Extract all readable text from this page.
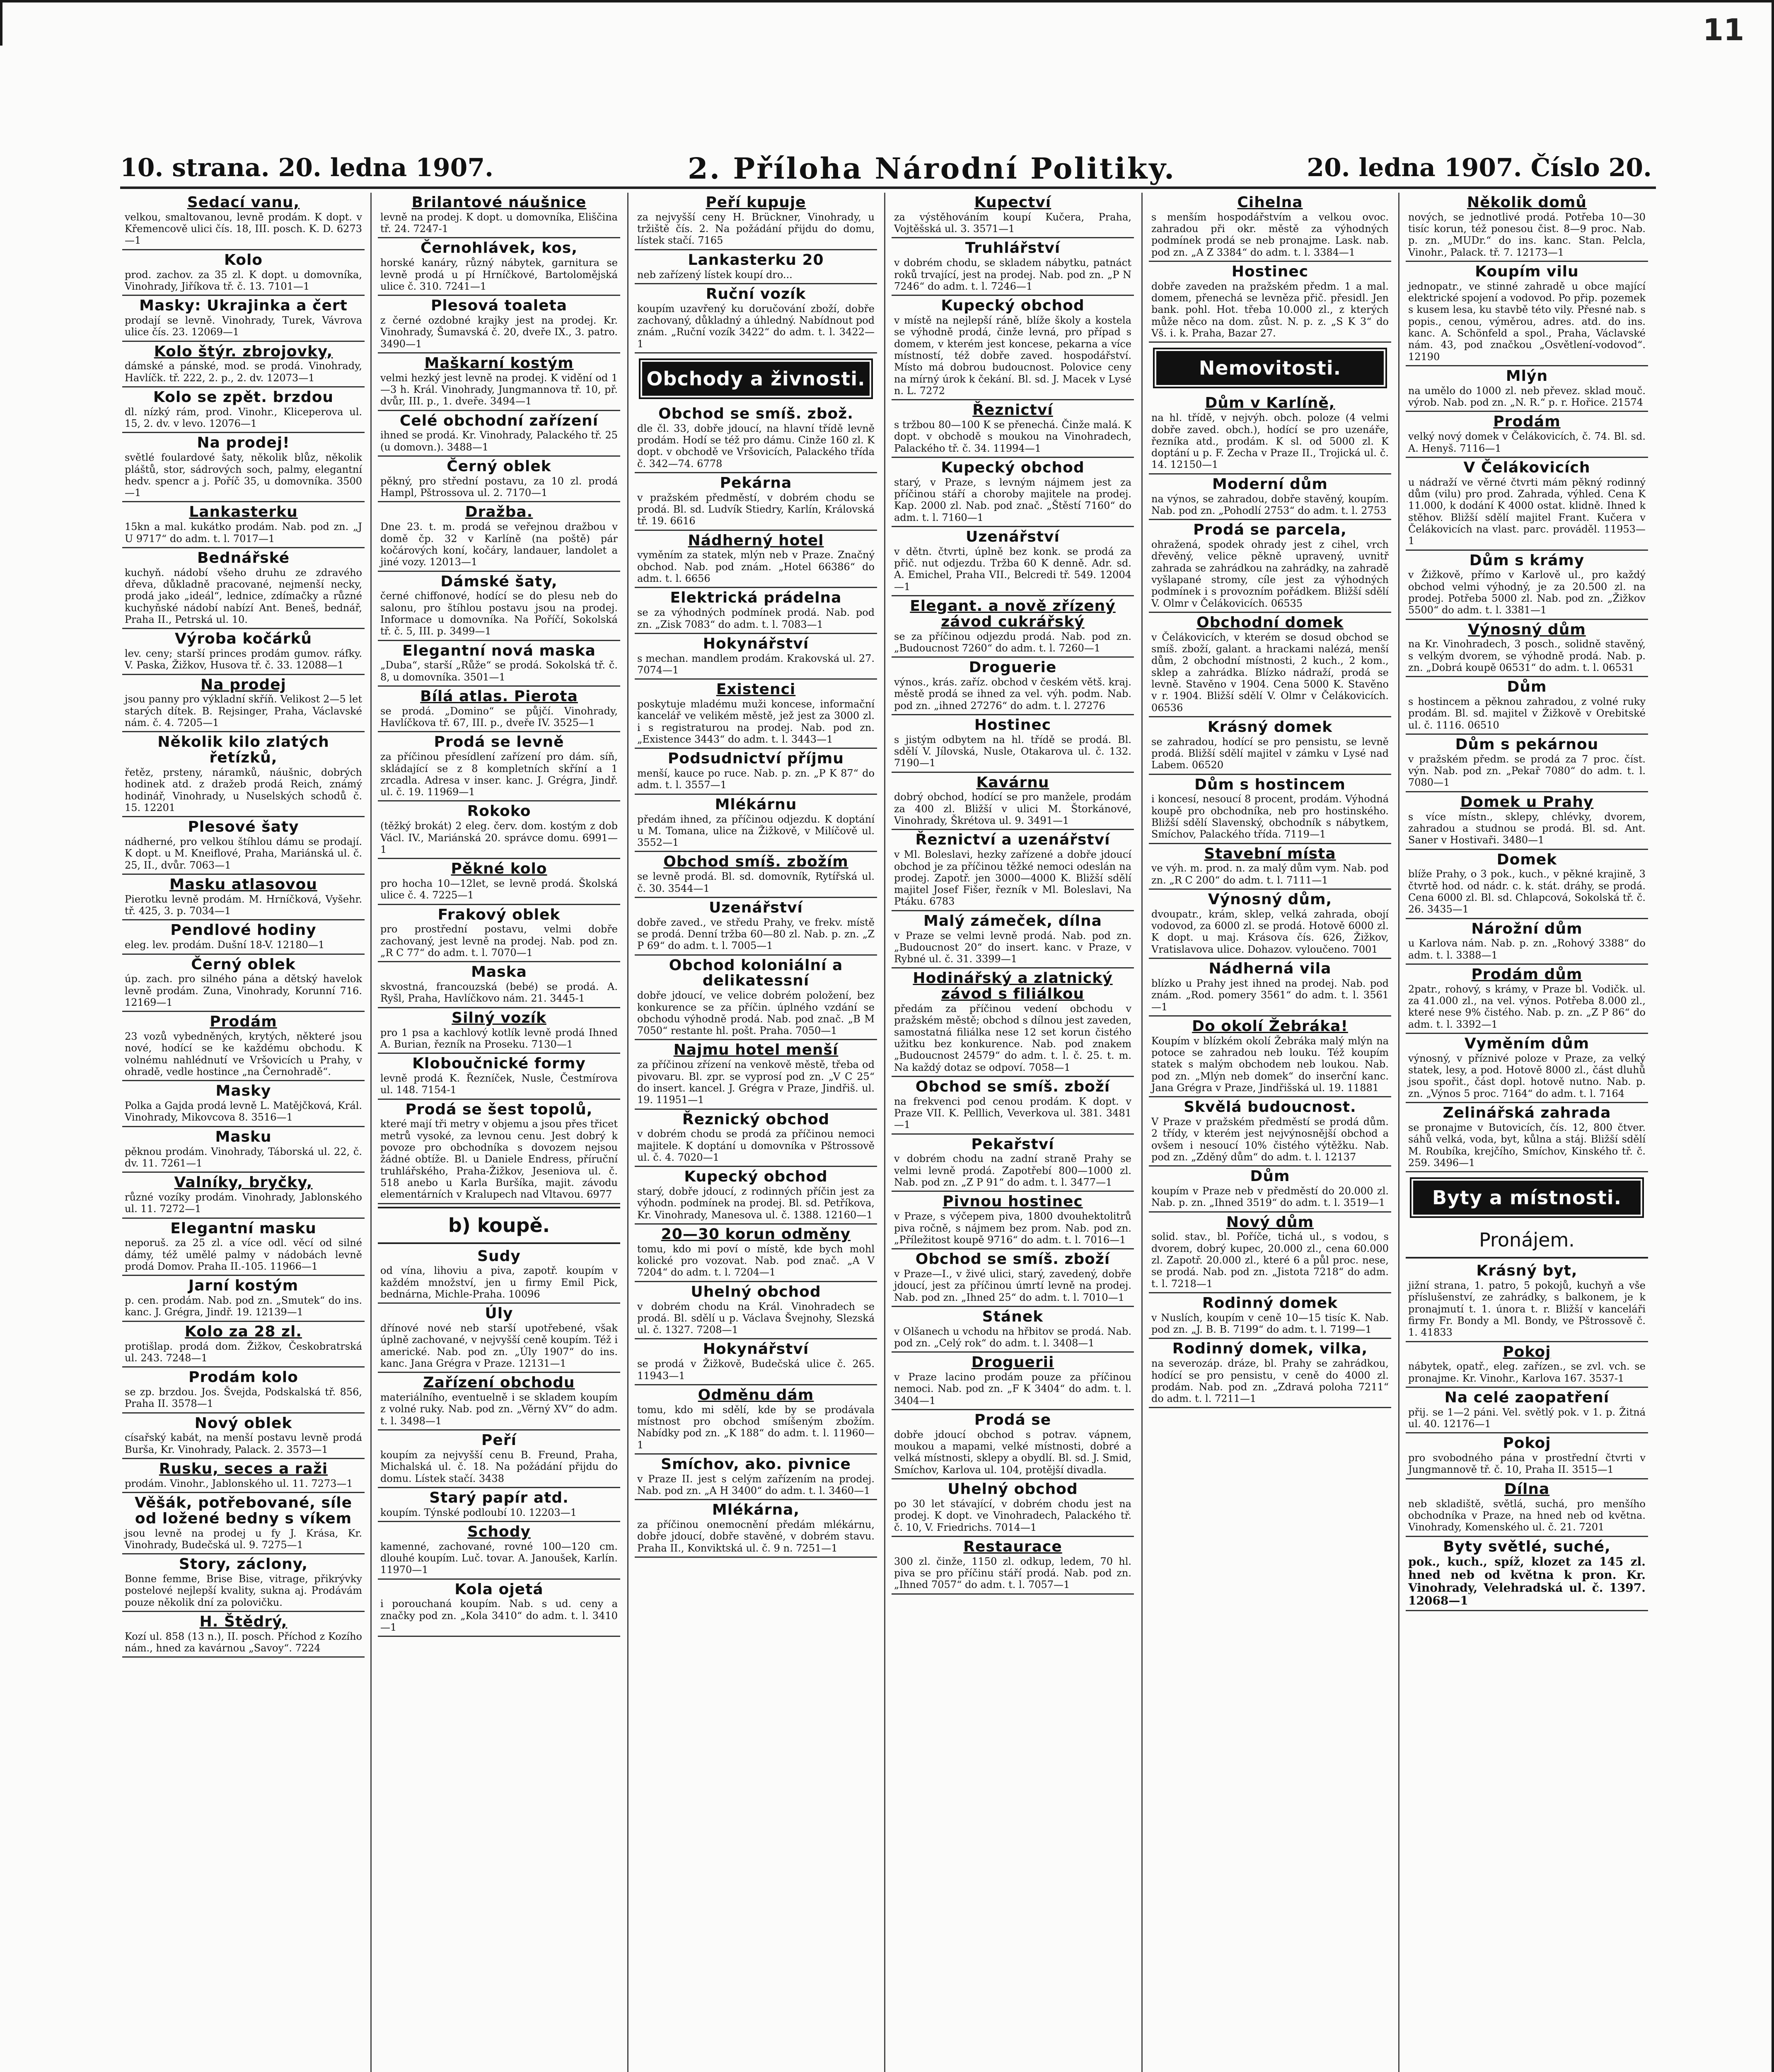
11
10. strana. 20. ledna 1907.	2. Příloha Národní Politiky.	20. ledna 1907. Číslo 20.
Sedací vanu,
velkou, smaltovanou, levně prodám. K dopt. v Křemencově ulici čís. 18, III. posch. K. D. 6273—1
Kolo
prod. zachov. za 35 zl. K dopt. u domovníka, Vinohrady, Jiříkova tř. č. 13. 7101—1
Masky: Ukrajinka a čert
prodají se levně. Vinohrady, Turek, Vávrova ulice čís. 23. 12069—1
Kolo štýr. zbrojovky,
dámské a pánské, mod. se prodá. Vinohrady, Havlíčk. tř. 222, 2. p., 2. dv. 12073—1
Kolo se zpět. brzdou
dl. nízký rám, prod. Vinohr., Kliceperova ul. 15, 2. dv. v levo. 12076—1
Na prodej!
světlé foulardové šaty, několik blůz, několik pláštů, stor, sádrových soch, palmy, elegantní hedv. spencr a j. Poříč 35, u domovníka. 3500—1
Lankasterku
15kn a mal. kukátko prodám. Nab. pod zn. „J U 9717“ do adm. t. l. 7017—1
Bednářské
kuchyň. nádobí všeho druhu ze zdravého dřeva, důkladně pracované, nejmenší necky, prodá jako „ideál“, lednice, zdímačky a různé kuchyňské nádobí nabízí Ant. Beneš, bednář, Praha II., Petrská ul. 10.
Výroba kočárků
lev. ceny; starší princes prodám gumov. ráfky. V. Paska, Žižkov, Husova tř. č. 33. 12088—1
Na prodej
jsou panny pro výkladní skříň. Velikost 2—5 let starých dítek. B. Rejsinger, Praha, Václavské nám. č. 4. 7205—1
Několik kilo zlatých řetízků,
řetěz, prsteny, náramků, náušnic, dobrých hodinek atd. z dražeb prodá Reich, známý hodinář, Vinohrady, u Nuselských schodů č. 15. 12201
Plesové šaty
nádherné, pro velkou štíhlou dámu se prodají. K dopt. u M. Kneiflové, Praha, Mariánská ul. č. 25, II., dvůr. 7063—1
Masku atlasovou
Pierotku levně prodám. M. Hrníčková, Vyšehr. tř. 425, 3. p. 7034—1
Pendlové hodiny
eleg. lev. prodám. Dušní 18-V. 12180—1
Černý oblek
úp. zach. pro silného pána a dětský havelok levně prodám. Zuna, Vinohrady, Korunní 716. 12169—1
Prodám
23 vozů vybedněných, krytých, některé jsou nové, hodící se ke každému obchodu. K volnému nahlédnutí ve Vršovicích u Prahy, v ohradě, vedle hostince „na Černohradě“.
Masky
Polka a Gajda prodá levně L. Matějčková, Král. Vinohrady, Mikovcova 8. 3516—1
Masku
pěknou prodám. Vinohrady, Táborská ul. 22, č. dv. 11. 7261—1
Valníky, bryčky,
různé vozíky prodám. Vinohrady, Jablonského ul. 11. 7272—1
Elegantní masku
neporuš. za 25 zl. a více odl. věcí od silné dámy, též umělé palmy v nádobách levně prodá Domov. Praha II.-105. 11966—1
Jarní kostým
p. cen. prodám. Nab. pod zn. „Smutek“ do ins. kanc. J. Grégra, Jindř. 19. 12139—1
Kolo za 28 zl.
protišlap. prodá dom. Žižkov, Českobratrská ul. 243. 7248—1
Prodám kolo
se zp. brzdou. Jos. Švejda, Podskalská tř. 856, Praha II. 3578—1
Nový oblek
císařský kabát, na menší postavu levně prodá Burša, Kr. Vinohrady, Palack. 2. 3573—1
Rusku, seces a raži
prodám. Vinohr., Jablonského ul. 11. 7273—1
Věšák, potřebované, síle od ložené bedny s víkem
jsou levně na prodej u fy J. Krása, Kr. Vinohrady, Budečská ul. 9. 7275—1
Story, záclony,
Bonne femme, Brise Bise, vitrage, přikrývky postelové nejlepší kvality, sukna aj. Prodávám pouze několik dní za polovičku.
H. Štědrý,
Kozí ul. 858 (13 n.), II. posch. Příchod z Kozího nám., hned za kavárnou „Savoy“. 7224
Brilantové náušnice
levně na prodej. K dopt. u domovníka, Eliščina tř. 24. 7247-1
Černohlávek, kos,
horské kanáry, různý nábytek, garnitura se levně prodá u pí Hrníčkové, Bartolomějská ulice č. 310. 7241—1
Plesová toaleta
z černé ozdobné krajky jest na prodej. Kr. Vinohrady, Šumavská č. 20, dveře IX., 3. patro. 3490—1
Maškarní kostým
velmi hezký jest levně na prodej. K vidění od 1—3 h. Král. Vinohrady, Jungmannova tř. 10, př. dvůr, III. p., 1. dveře. 3494—1
Celé obchodní zařízení
ihned se prodá. Kr. Vinohrady, Palackého tř. 25 (u domovn.). 3488—1
Černý oblek
pěkný, pro střední postavu, za 10 zl. prodá Hampl, Pštrossova ul. 2. 7170—1
Dražba.
Dne 23. t. m. prodá se veřejnou dražbou v domě čp. 32 v Karlíně (na poště) pár kočárových koní, kočáry, landauer, landolet a jiné vozy. 12013—1
Dámské šaty,
černé chiffonové, hodící se do plesu neb do salonu, pro štíhlou postavu jsou na prodej. Informace u domovníka. Na Poříčí, Sokolská tř. č. 5, III. p. 3499—1
Elegantní nová maska
„Duba“, starší „Růže“ se prodá. Sokolská tř. č. 8, u domovníka. 3501—1
Bílá atlas. Pierota
se prodá. „Domino“ se půjčí. Vinohrady, Havlíčkova tř. 67, III. p., dveře IV. 3525—1
Prodá se levně
za příčinou přesídlení zařízení pro dám. síň, skládající se z 8 kompletních skříní a 1 zrcadla. Adresa v inser. kanc. J. Grégra, Jindř. ul. č. 19. 11969—1
Rokoko
(těžký brokát) 2 eleg. červ. dom. kostým z dob Václ. IV., Mariánská 20. správce domu. 6991—1
Pěkné kolo
pro hocha 10—12let, se levně prodá. Školská ulice č. 4. 7225—1
Frakový oblek
pro prostřední postavu, velmi dobře zachovaný, jest levně na prodej. Nab. pod zn. „R C 77“ do adm. t. l. 7070—1
Maska
skvostná, francouzská (bebé) se prodá. A. Ryšl, Praha, Havlíčkovo nám. 21. 3445-1
Silný vozík
pro 1 psa a kachlový kotlík levně prodá Ihned A. Burian, řezník na Proseku. 7130—1
Kloboučnické formy
levně prodá K. Řezníček, Nusle, Čestmírova ul. 148. 7154-1
Prodá se šest topolů,
které mají tři metry v objemu a jsou přes třicet metrů vysoké, za levnou cenu. Jest dobrý k povoze pro obchodníka s dovozem nejsou žádné obtíže. Bl. u Daniele Endress, příruční truhlářského, Praha-Žižkov, Jeseniova ul. č. 518 anebo u Karla Buršíka, majit. závodu elementárních v Kralupech nad Vltavou. 6977
b) koupě.
Sudy
od vína, lihoviu a piva, zapotř. koupím v každém množství, jen u firmy Emil Pick, bednárna, Michle-Praha. 10096
Úly
dřínové nové neb starší upotřebené, však úplně zachované, v nejvyšší ceně koupím. Též i americké. Nab. pod zn. „Úly 1907“ do ins. kanc. Jana Grégra v Praze. 12131—1
Zařízení obchodu
materiálního, eventuelně i se skladem koupím z volné ruky. Nab. pod zn. „Věrný XV“ do adm. t. l. 3498—1
Peří
koupím za nejvyšší cenu B. Freund, Praha, Michalská ul. č. 18. Na požádání přijdu do domu. Lístek stačí. 3438
Starý papír atd.
koupím. Týnské podloubí 10. 12203—1
Schody
kamenné, zachované, rovné 100—120 cm. dlouhé koupím. Luč. tovar. A. Janoušek, Karlín. 11970—1
Kola ojetá
i porouchaná koupím. Nab. s ud. ceny a značky pod zn. „Kola 3410“ do adm. t. l. 3410—1
Peří kupuje
za nejvyšší ceny H. Brückner, Vinohrady, u tržiště čís. 2. Na požádání přijdu do domu, lístek stačí. 7165
Lankasterku 20
neb zařízený lístek koupí dro...
Ruční vozík
koupím uzavřený ku doručování zboží, dobře zachovaný, důkladný a úhledný. Nabídnout pod znám. „Ruční vozík 3422“ do adm. t. l. 3422—1
Obchody a živnosti.
Obchod se smíš. zbož.
dle čl. 33, dobře jdoucí, na hlavní třídě levně prodám. Hodí se též pro dámu. Cinže 160 zl. K dopt. v obchodě ve Vršovicích, Palackého třída č. 342—74. 6778
Pekárna
v pražském předměstí, v dobrém chodu se prodá. Bl. sd. Ludvík Stiedry, Karlín, Královská tř. 19. 6616
Nádherný hotel
vyměním za statek, mlýn neb v Praze. Značný obchod. Nab. pod znám. „Hotel 66386“ do adm. t. l. 6656
Elektrická prádelna
se za výhodných podmínek prodá. Nab. pod zn. „Zisk 7083“ do adm. t. l. 7083—1
Hokynářství
s mechan. mandlem prodám. Krakovská ul. 27. 7074—1
Existenci
poskytuje mladému muži koncese, informační kancelář ve velikém městě, jež jest za 3000 zl. i s registraturou na prodej. Nab. pod zn. „Existence 3443“ do adm. t. l. 3443—1
Podsudnictví příjmu
menší, kauce po ruce. Nab. p. zn. „P K 87“ do adm. t. l. 3557—1
Mlékárnu
předám ihned, za příčinou odjezdu. K doptání u M. Tomana, ulice na Žižkově, v Milíčově ul. 3552—1
Obchod smíš. zbožím
se levně prodá. Bl. sd. domovník, Rytířská ul. č. 30. 3544—1
Uzenářství
dobře zaved., ve středu Prahy, ve frekv. místě se prodá. Denní tržba 60—80 zl. Nab. p. zn. „Z P 69“ do adm. t. l. 7005—1
Obchod koloniální a delikatessní
dobře jdoucí, ve velice dobrém položení, bez konkurence se za příčin. úplného vzdání se obchodu výhodně prodá. Nab. pod znač. „B M 7050“ restante hl. pošt. Praha. 7050—1
Najmu hotel menší
za příčinou zřízení na venkově městě, třeba od pivovaru. Bl. zpr. se vyprosí pod zn. „V C 25“ do insert. kancel. J. Grégra v Praze, Jindřiš. ul. 19. 11951—1
Řeznický obchod
v dobrém chodu se prodá za příčinou nemoci majitele. K doptání u domovníka v Pštrossově ul. č. 4. 7020—1
Kupecký obchod
starý, dobře jdoucí, z rodinných příčin jest za výhodn. podmínek na prodej. Bl. sd. Petříkova, Kr. Vinohrady, Manesova ul. č. 1388. 12160—1
20—30 korun odměny
tomu, kdo mi poví o místě, kde bych mohl kolické pro vozovat. Nab. pod znač. „A V 7204“ do adm. t. l. 7204—1
Uhelný obchod
v dobrém chodu na Král. Vinohradech se prodá. Bl. sdělí u p. Václava Švejnohy, Slezská ul. č. 1327. 7208—1
Hokynářství
se prodá v Žižkově, Budečská ulice č. 265. 11943—1
Odměnu dám
tomu, kdo mi sdělí, kde by se prodávala místnost pro obchod smíšeným zbožím. Nabídky pod zn. „K 188“ do adm. t. l. 11960—1
Smíchov, ako. pivnice
v Praze II. jest s celým zařízením na prodej. Nab. pod zn. „A H 3400“ do adm. t. l. 3460—1
Mlékárna,
za příčinou onemocnění předám mlékárnu, dobře jdoucí, dobře stavěné, v dobrém stavu. Praha II., Konviktská ul. č. 9 n. 7251—1
Kupectví
za výstěhováním koupí Kučera, Praha, Vojtěšská ul. 3. 3571—1
Truhlářství
v dobrém chodu, se skladem nábytku, patnáct roků trvající, jest na prodej. Nab. pod zn. „P N 7246“ do adm. t. l. 7246—1
Kupecký obchod
v místě na nejlepší ráně, blíže školy a kostela se výhodně prodá, činže levná, pro případ s domem, v kterém jest koncese, pekarna a více místností, též dobře zaved. hospodářství. Místo má dobrou budoucnost. Polovice ceny na mírný úrok k čekání. Bl. sd. J. Macek v Lysé n. L. 7272
Řeznictví
s tržbou 80—100 K se přenechá. Činže malá. K dopt. v obchodě s moukou na Vinohradech, Palackého tř. č. 34. 11994—1
Kupecký obchod
starý, v Praze, s levným nájmem jest za příčinou stáří a choroby majitele na prodej. Kap. 2000 zl. Nab. pod znač. „Štěstí 7160“ do adm. t. l. 7160—1
Uzenářství
v dětn. čtvrti, úplně bez konk. se prodá za přič. nut odjezdu. Tržba 60 K denně. Adr. sd. A. Emichel, Praha VII., Belcredi tř. 549. 12004—1
Elegant. a nově zřízený závod cukrářský
se za příčinou odjezdu prodá. Nab. pod zn. „Budoucnost 7260“ do adm. t. l. 7260—1
Droguerie
výnos., krás. zaříz. obchod v českém větš. kraj. městě prodá se ihned za vel. výh. podm. Nab. pod zn. „ihned 27276“ do adm. t. l. 27276
Hostinec
s jistým odbytem na hl. třídě se prodá. Bl. sdělí V. Jílovská, Nusle, Otakarova ul. č. 132. 7190—1
Kavárnu
dobrý obchod, hodící se pro manžele, prodám za 400 zl. Bližší v ulici M. Štorkánové, Vinohrady, Škrétova ul. 9. 3491—1
Řeznictví a uzenářství
v Ml. Boleslavi, hezky zařízené a dobře jdoucí obchod je za příčinou těžké nemoci odeslán na prodej. Zapotř. jen 3000—4000 K. Bližší sdělí majitel Josef Fišer, řezník v Ml. Boleslavi, Na Ptáku. 6783
Malý zámeček, dílna
v Praze se velmi levně prodá. Nab. pod zn. „Budoucnost 20“ do insert. kanc. v Praze, v Rybné ul. č. 31. 3399—1
Hodinářský a zlatnický závod s filiálkou
předám za příčinou vedení obchodu v pražském městě; obchod s dílnou jest zaveden, samostatná filiálka nese 12 set korun čistého užitku bez konkurence. Nab. pod znakem „Budoucnost 24579“ do adm. t. l. č. 25. t. m. Na každý dotaz se odpoví. 7058—1
Obchod se smíš. zboží
na frekvenci pod cenou prodám. K dopt. v Praze VII. K. Pelllich, Veverkova ul. 381. 3481—1
Pekařství
v dobrém chodu na zadní straně Prahy se velmi levně prodá. Zapotřebí 800—1000 zl. Nab. pod zn. „Z P 91“ do adm. t. l. 3477—1
Pivnou hostinec
v Praze, s výčepem piva, 1800 dvouhektolitrů piva ročně, s nájmem bez prom. Nab. pod zn. „Příležitost koupě 9716“ do adm. t. l. 7016—1
Obchod se smíš. zboží
v Praze—I., v živé ulici, starý, zavedený, dobře jdoucí, jest za příčinou úmrtí levně na prodej. Nab. pod zn. „Ihned 25“ do adm. t. l. 7010—1
Stánek
v Olšanech u vchodu na hřbitov se prodá. Nab. pod zn. „Celý rok“ do adm. t. l. 3408—1
Droguerii
v Praze lacino prodám pouze za příčinou nemoci. Nab. pod zn. „F K 3404“ do adm. t. l. 3404—1
Prodá se
dobře jdoucí obchod s potrav. vápnem, moukou a mapami, velké místnosti, dobré a velká místnosti, sklepy a obydlí. Bl. sd. J. Smid, Smíchov, Karlova ul. 104, protější divadla.
Uhelný obchod
po 30 let stávající, v dobrém chodu jest na prodej. K dopt. ve Vinohradech, Palackého tř. č. 10, V. Friedrichs. 7014—1
Restaurace
300 zl. činže, 1150 zl. odkup, ledem, 70 hl. piva se pro příčinu stáří prodá. Nab. pod zn. „Ihned 7057“ do adm. t. l. 7057—1
Cihelna
s menším hospodářstvím a velkou ovoc. zahradou při okr. městě za výhodných podmínek prodá se neb pronajme. Lask. nab. pod zn. „A Z 3384“ do adm. t. l. 3384—1
Hostinec
dobře zaveden na pražském předm. 1 a mal. domem, přenechá se levněza přič. přesidl. Jen bank. pohl. Hot. třeba 10.000 zl., z kterých může něco na dom. zůst. N. p. z. „S K 3“ do Vš. i. k. Praha, Bazar 27.
Nemovitosti.
Dům v Karlíně,
na hl. třídě, v nejvýh. obch. poloze (4 velmi dobře zaved. obch.), hodící se pro uzenáře, řezníka atd., prodám. K sl. od 5000 zl. K doptání u p. F. Zecha v Praze II., Trojická ul. č. 14. 12150—1
Moderní dům
na výnos, se zahradou, dobře stavěný, koupím. Nab. pod zn. „Pohodlí 2753“ do adm. t. l. 2753
Prodá se parcela,
ohražená, spodek ohrady jest z cihel, vrch dřevěný, velice pěkně upravený, uvnitř zahrada se zahrádkou na zahrádky, na zahradě vyšlapané stromy, cíle jest za výhodných podmínek i s provozním pořádkem. Bližší sdělí V. Olmr v Čelákovicích. 06535
Obchodní domek
v Čelákovicích, v kterém se dosud obchod se smíš. zboží, galant. a hrackami nalézá, menší dům, 2 obchodní místnosti, 2 kuch., 2 kom., sklep a zahrádka. Blízko nádraží, prodá se levně. Stavěno v 1904. Cena 5000 K. Stavěno v r. 1904. Bližší sdělí V. Olmr v Čelákovicích. 06536
Krásný domek
se zahradou, hodící se pro pensistu, se levně prodá. Bližší sdělí majitel v zámku v Lysé nad Labem. 06520
Dům s hostincem
i koncesí, nesoucí 8 procent, prodám. Výhodná koupě pro obchodníka, neb pro hostinského. Bližší sdělí Slavenský, obchodník s nábytkem, Smíchov, Palackého třída. 7119—1
Stavební místa
ve výh. m. prod. n. za malý dům vym. Nab. pod zn. „R C 200“ do adm. t. l. 7111—1
Výnosný dům,
dvoupatr., krám, sklep, velká zahrada, obojí vodovod, za 6000 zl. se prodá. Hotově 6000 zl. K dopt. u maj. Krásova čís. 626, Žižkov, Vratislavova ulice. Dohazov. vyloučeno. 7001
Nádherná vila
blízko u Prahy jest ihned na prodej. Nab. pod znám. „Rod. pomery 3561“ do adm. t. l. 3561—1
Do okolí Žebráka!
Koupím v blízkém okolí Žebráka malý mlýn na potoce se zahradou neb louku. Též koupím statek s malým obchodem neb loukou. Nab. pod zn. „Mlýn neb domek“ do inserční kanc. Jana Grégra v Praze, Jindřišská ul. 19. 11881
Skvělá budoucnost.
V Praze v pražském předměstí se prodá dům. 2 třídy, v kterém jest nejvýnosnější obchod a ovšem i nesoucí 10% čistého výtěžku. Nab. pod zn. „Zděný dům“ do adm. t. l. 12137
Dům
koupím v Praze neb v předměstí do 20.000 zl. Nab. p. zn. „Ihned 3519“ do adm. t. l. 3519—1
Nový dům
solid. stav., bl. Poříče, tichá ul., s vodou, s dvorem, dobrý kupec, 20.000 zl., cena 60.000 zl. Zapotř. 20.000 zl., které 6 a půl proc. nese, se prodá. Nab. pod zn. „Jistota 7218“ do adm. t. l. 7218—1
Rodinný domek
v Nuslích, koupím v ceně 10—15 tisíc K. Nab. pod zn. „J. B. B. 7199“ do adm. t. l. 7199—1
Rodinný domek, vilka,
na severozáp. dráze, bl. Prahy se zahrádkou, hodící se pro pensistu, v ceně do 4000 zl. prodám. Nab. pod zn. „Zdravá poloha 7211“ do adm. t. l. 7211—1
Několik domů
nových, se jednotlivé prodá. Potřeba 10—30 tisíc korun, též ponesou čist. 8—9 proc. Nab. p. zn. „MUDr.“ do ins. kanc. Stan. Pelcla, Vinohr., Palack. tř. 7. 12173—1
Koupím vilu
jednopatr., ve stinné zahradě u obce mající elektrické spojení a vodovod. Po přip. pozemek s kusem lesa, ku stavbě této vily. Přesné nab. s popis., cenou, výměrou, adres. atd. do ins. kanc. A. Schönfeld a spol., Praha, Václavské nám. 43, pod značkou „Osvětlení-vodovod“. 12190
Mlýn
na umělo do 1000 zl. neb převez. sklad mouč. výrob. Nab. pod zn. „N. R.“ p. r. Hořice. 21574
Prodám
velký nový domek v Čelákovicích, č. 74. Bl. sd. A. Henyš. 7116—1
V Čelákovicích
u nádraží ve věrné čtvrti mám pěkný rodinný dům (vilu) pro prod. Zahrada, výhled. Cena K 11.000, k dodání K 4000 ostat. klidně. Ihned k stěhov. Bližší sdělí majitel Frant. Kučera v Čelákovicích na vlast. parc. prováděl. 11953—1
Dům s krámy
v Žižkově, přímo v Karlově ul., pro každý obchod velmi výhodný, je za 20.500 zl. na prodej. Potřeba 5000 zl. Nab. pod zn. „Žižkov 5500“ do adm. t. l. 3381—1
Výnosný dům
na Kr. Vinohradech, 3 posch., solidně stavěný, s velkým dvorem, se výhodně prodá. Nab. p. zn. „Dobrá koupě 06531“ do adm. t. l. 06531
Dům
s hostincem a pěknou zahradou, z volné ruky prodám. Bl. sd. majitel v Žižkově v Orebitské ul. č. 1116. 06510
Dům s pekárnou
v pražském předm. se prodá za 7 proc. číst. výn. Nab. pod zn. „Pekař 7080“ do adm. t. l. 7080—1
Domek u Prahy
s více místn., sklepy, chlévky, dvorem, zahradou a studnou se prodá. Bl. sd. Ant. Saner v Hostivaři. 3480—1
Domek
blíže Prahy, o 3 pok., kuch., v pěkné krajině, 3 čtvrtě hod. od nádr. c. k. stát. dráhy, se prodá. Cena 6000 zl. Bl. sd. Chlapcová, Sokolská tř. č. 26. 3435—1
Nárožní dům
u Karlova nám. Nab. p. zn. „Rohový 3388“ do adm. t. l. 3388—1
Prodám dům
2patr., rohový, s krámy, v Praze bl. Vodičk. ul. za 41.000 zl., na vel. výnos. Potřeba 8.000 zl., které nese 9% čistého. Nab. p. zn. „Z P 86“ do adm. t. l. 3392—1
Vyměním dům
výnosný, v příznivé poloze v Praze, za velký statek, lesy, a pod. Hotově 8000 zl., část dluhů jsou spořit., část dopl. hotově nutno. Nab. p. zn. „Výnos 5 proc. 7164“ do adm. t. l. 7164
Zelinářská zahrada
se pronajme v Butovicích, čís. 12, 800 čtver. sáhů velká, voda, byt, kůlna a stáj. Bližší sdělí M. Roubíka, krejčího, Smíchov, Kinského tř. č. 259. 3496—1
Byty a místnosti.
Pronájem.
Krásný byt,
jižní strana, 1. patro, 5 pokojů, kuchyň a vše příslušenství, ze zahrádky, s balkonem, je k pronajmutí t. 1. února t. r. Bližší v kanceláři firmy Fr. Bondy a Ml. Bondy, ve Pštrossově č. 1. 41833
Pokoj
nábytek, opatř., eleg. zařízen., se zvl. vch. se pronajme. Kr. Vinohr., Karlova 167. 3537-1
Na celé zaopatření
přij. se 1—2 páni. Vel. světlý pok. v 1. p. Žitná ul. 40. 12176—1
Pokoj
pro svobodného pána v prostřední čtvrti v Jungmannově tř. č. 10, Praha II. 3515—1
Dílna
neb skladiště, světlá, suchá, pro menšího obchodníka v Praze, na hned neb od května. Vinohrady, Komenského ul. č. 21. 7201
Byty světlé, suché,
pok., kuch., spíž, klozet za 145 zl. hned neb od května k pron. Kr. Vinohrady, Velehradská ul. č. 1397. 12068—1
